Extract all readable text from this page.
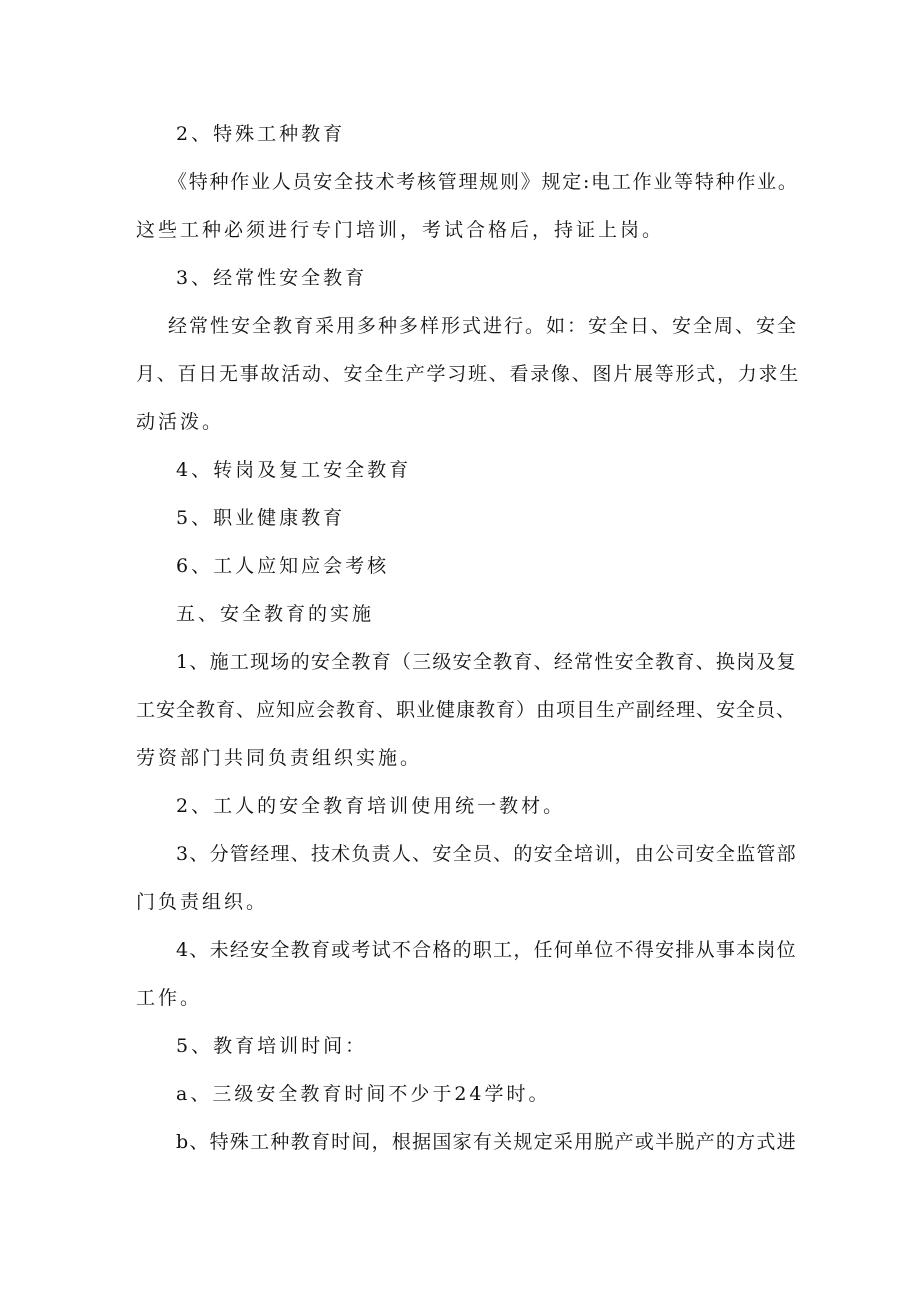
2、特殊工种教育

《特种作业人员安全技术考核管理规则》规定:电工作业等特种作业。

这些工种必须进行专门培训，考试合格后，持证上岗。

3、经常性安全教育

经常性安全教育采用多种多样形式进行。如：安全日、安全周、安全

月、百日无事故活动、安全生产学习班、看录像、图片展等形式，力求生

动活泼。

4、转岗及复工安全教育

5、职业健康教育

6、工人应知应会考核

五、安全教育的实施

1、施工现场的安全教育（三级安全教育、经常性安全教育、换岗及复

工安全教育、应知应会教育、职业健康教育）由项目生产副经理、安全员、

劳资部门共同负责组织实施。

2、工人的安全教育培训使用统一教材。

3、分管经理、技术负责人、安全员、的安全培训，由公司安全监管部

门负责组织。

4、未经安全教育或考试不合格的职工，任何单位不得安排从事本岗位

工作。

5、教育培训时间：

a、三级安全教育时间不少于24学时。

b、特殊工种教育时间，根据国家有关规定采用脱产或半脱产的方式进
